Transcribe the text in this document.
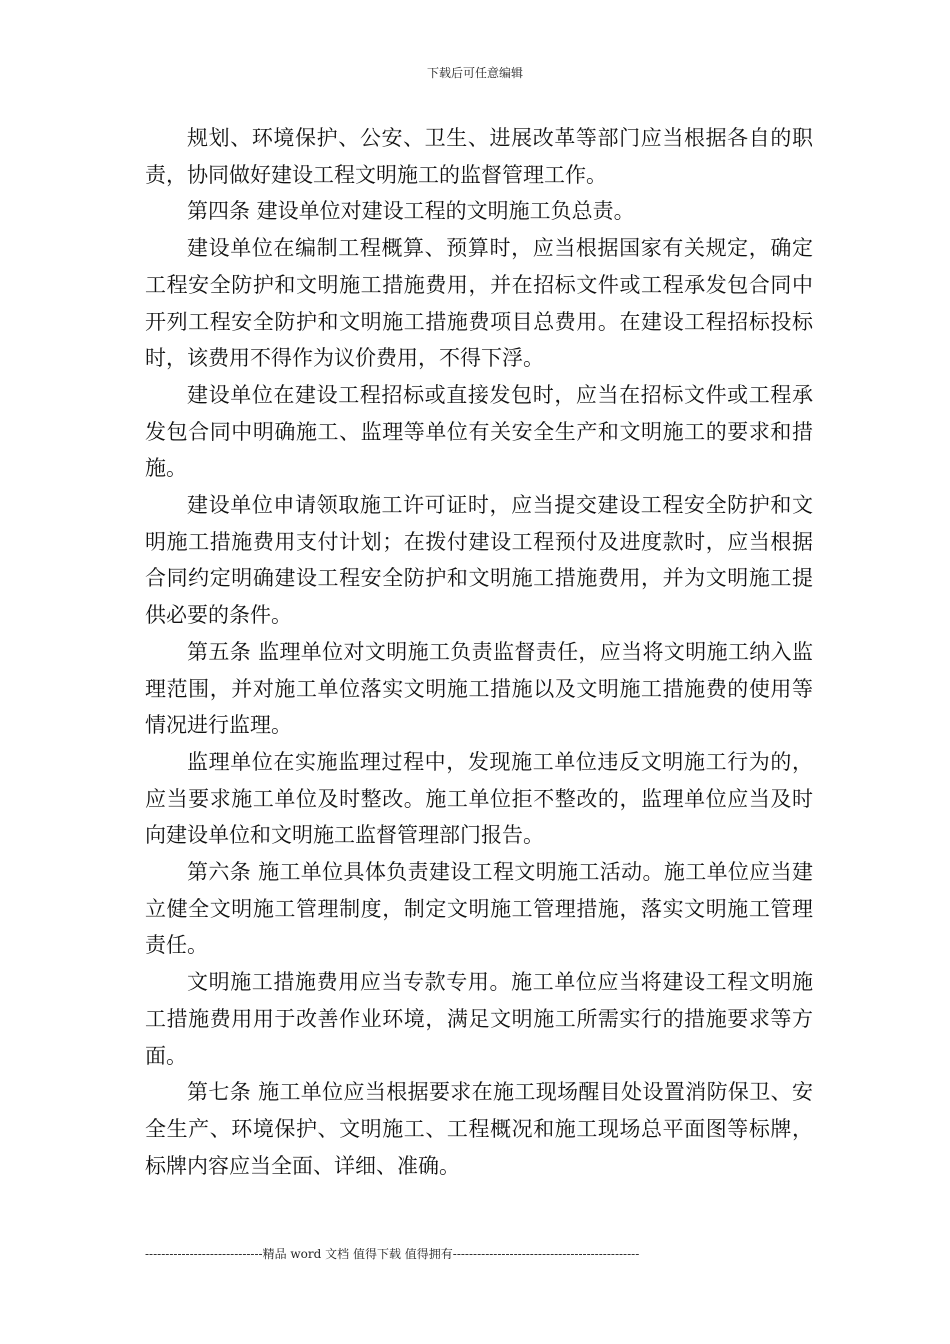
下载后可任意编辑

规划、环境保护、公安、卫生、进展改革等部门应当根据各自的职责，协同做好建设工程文明施工的监督管理工作。

第四条 建设单位对建设工程的文明施工负总责。

建设单位在编制工程概算、预算时，应当根据国家有关规定，确定工程安全防护和文明施工措施费用，并在招标文件或工程承发包合同中开列工程安全防护和文明施工措施费项目总费用。在建设工程招标投标时，该费用不得作为议价费用，不得下浮。

建设单位在建设工程招标或直接发包时，应当在招标文件或工程承发包合同中明确施工、监理等单位有关安全生产和文明施工的要求和措施。

建设单位申请领取施工许可证时，应当提交建设工程安全防护和文明施工措施费用支付计划；在拨付建设工程预付及进度款时，应当根据合同约定明确建设工程安全防护和文明施工措施费用，并为文明施工提供必要的条件。

第五条 监理单位对文明施工负责监督责任，应当将文明施工纳入监理范围，并对施工单位落实文明施工措施以及文明施工措施费的使用等情况进行监理。

监理单位在实施监理过程中，发现施工单位违反文明施工行为的，应当要求施工单位及时整改。施工单位拒不整改的，监理单位应当及时向建设单位和文明施工监督管理部门报告。

第六条 施工单位具体负责建设工程文明施工活动。施工单位应当建立健全文明施工管理制度，制定文明施工管理措施，落实文明施工管理责任。

文明施工措施费用应当专款专用。施工单位应当将建设工程文明施工措施费用用于改善作业环境，满足文明施工所需实行的措施要求等方面。

第七条 施工单位应当根据要求在施工现场醒目处设置消防保卫、安全生产、环境保护、文明施工、工程概况和施工现场总平面图等标牌，标牌内容应当全面、详细、准确。

-----------------------------精品 word 文档 值得下载 值得拥有----------------------------------------------
